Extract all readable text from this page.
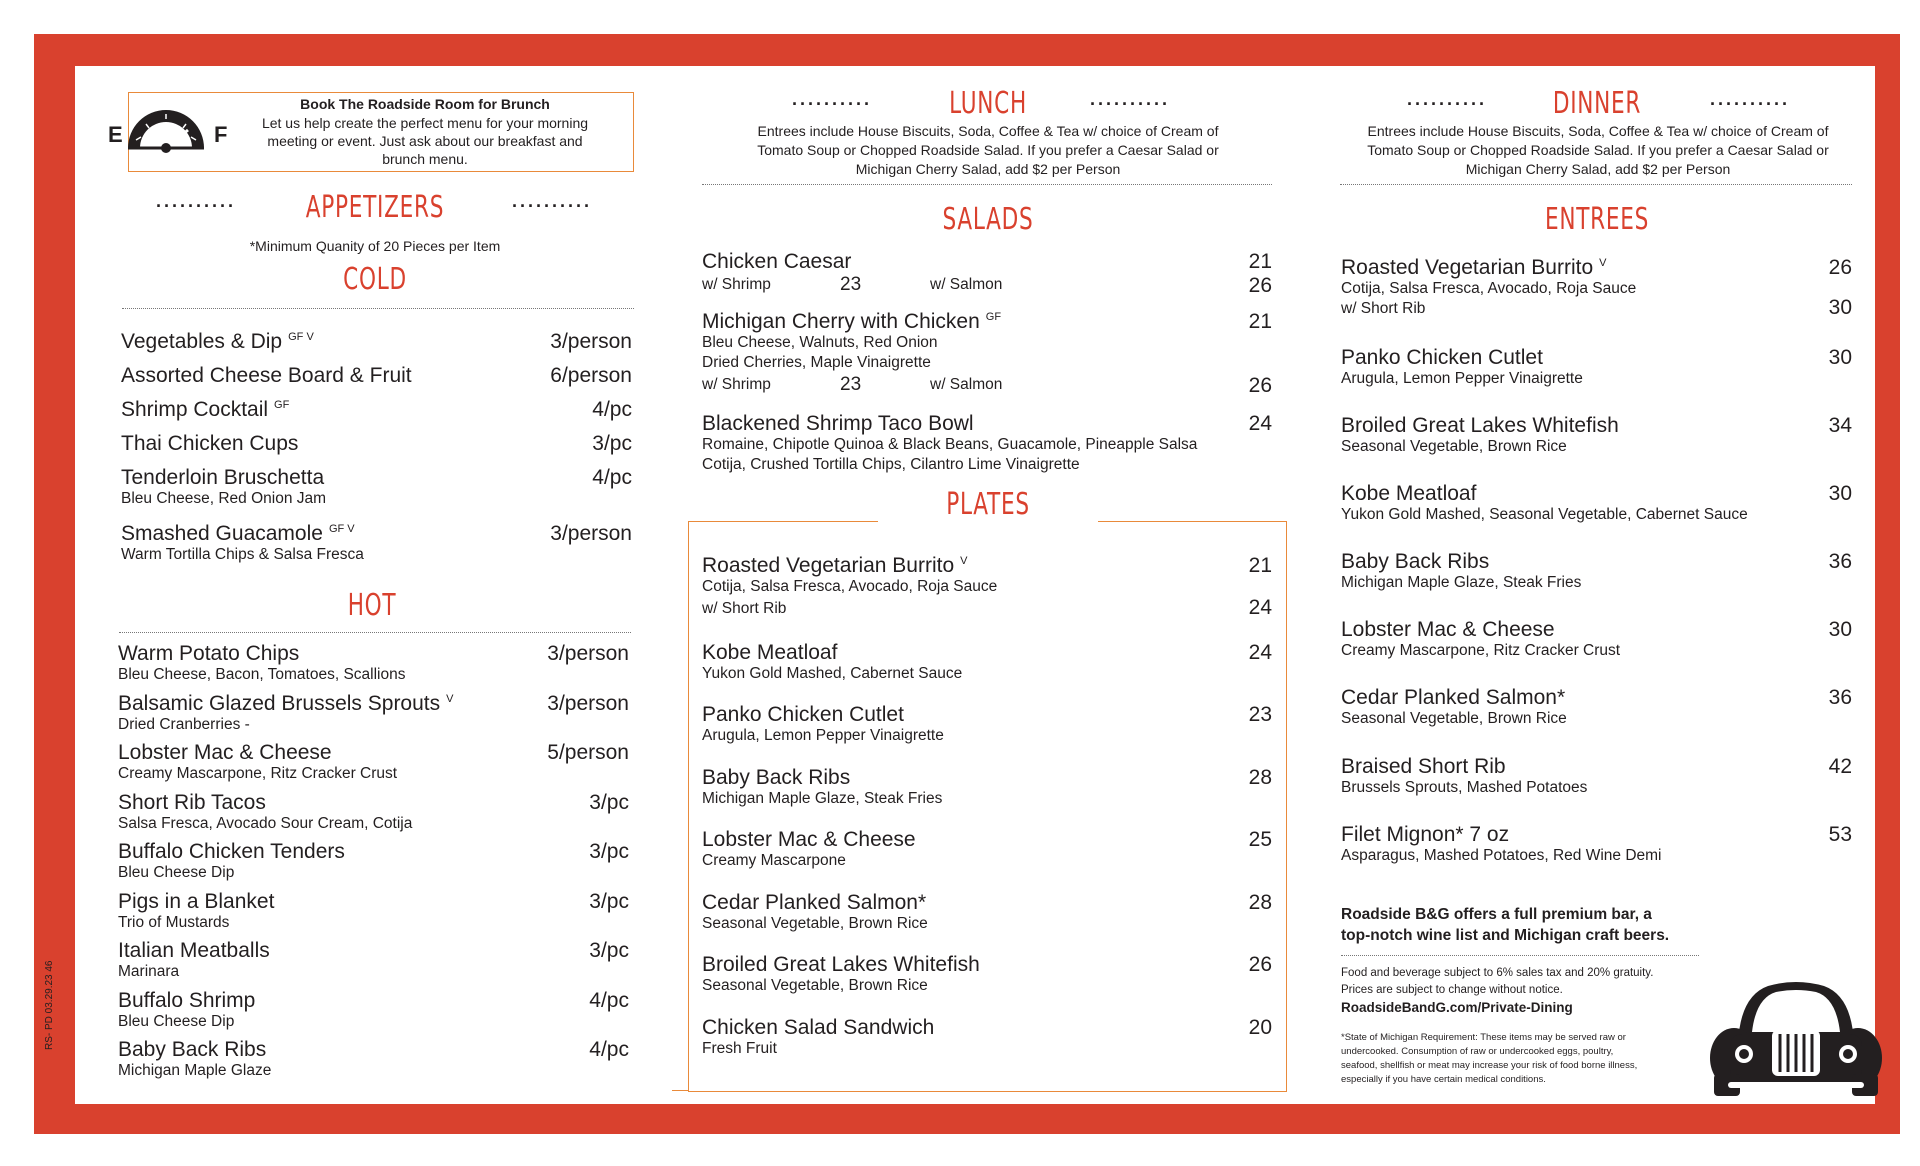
E	F
Book The Roadside Room for Brunch
Let us help create the perfect menu for your morning meeting or event. Just ask about our breakfast and brunch menu.
·········· APPETIZERS	··········
*Minimum Quanity of 20 Pieces per Item
COLD
HOT
RS- PD 03.29.23 46
··········	LUNCH	··········
Entrees include House Biscuits, Soda, Coffee & Tea w/ choice of Cream of Tomato Soup or Chopped Roadside Salad. If you prefer a Caesar Salad or Michigan Cherry Salad, add $2 per Person
SALADS
PLATES
··········	DINNER	··········
Entrees include House Biscuits, Soda, Coffee & Tea w/ choice of Cream of Tomato Soup or Chopped Roadside Salad. If you prefer a Caesar Salad or Michigan Cherry Salad, add $2 per Person
ENTREES
Roadside B&G offers a full premium bar, a
top-notch wine list and Michigan craft beers.
Food and beverage subject to 6% sales tax and 20% gratuity.
Prices are subject to change without notice.
RoadsideBandG.com/Private-Dining
*State of Michigan Requirement: These items may be served raw or
undercooked. Consumption of raw or undercooked eggs, poultry,
seafood, shellfish or meat may increase your risk of food borne illness,
especially if you have certain medical conditions.
Vegetables & Dip $^{GF V}$	3/person
Assorted Cheese Board & Fruit	6/person
Shrimp Cocktail $^{GF}$	4/pc
Thai Chicken Cups	3/pc
Tenderloin Bruschetta	4/pc
Bleu Cheese, Red Onion Jam
Smashed Guacamole $^{GF V}$	3/person
Warm Tortilla Chips & Salsa Fresca
Warm Potato Chips	3/person
Bleu Cheese, Bacon, Tomatoes, Scallions
Balsamic Glazed Brussels Sprouts $^V$	3/person
Dried Cranberries -
Lobster Mac & Cheese	5/person
Creamy Mascarpone, Ritz Cracker Crust
Short Rib Tacos	3/pc
Salsa Fresca, Avocado Sour Cream, Cotija
Buffalo Chicken Tenders	3/pc
Bleu Cheese Dip
Pigs in a Blanket	3/pc
Trio of Mustards
Italian Meatballs	3/pc
Marinara
Buffalo Shrimp	4/pc
Bleu Cheese Dip
Baby Back Ribs	4/pc
Michigan Maple Glaze
Chicken Caesar	21
w/ Shrimp	23	w/ Salmon	26
Michigan Cherry with Chicken $^{GF}$	21
Bleu Cheese, Walnuts, Red Onion
Dried Cherries, Maple Vinaigrette
w/ Shrimp	23	w/ Salmon	26
Blackened Shrimp Taco Bowl	24
Romaine, Chipotle Quinoa & Black Beans, Guacamole, Pineapple Salsa
Cotija, Crushed Tortilla Chips, Cilantro Lime Vinaigrette
Roasted Vegetarian Burrito $^V$	21
Cotija, Salsa Fresca, Avocado, Roja Sauce
w/ Short Rib	24
Kobe Meatloaf	24
Yukon Gold Mashed, Cabernet Sauce
Panko Chicken Cutlet	23
Arugula, Lemon Pepper Vinaigrette
Baby Back Ribs	28
Michigan Maple Glaze, Steak Fries
Lobster Mac & Cheese	25
Creamy Mascarpone
Cedar Planked Salmon*	28
Seasonal Vegetable, Brown Rice
Broiled Great Lakes Whitefish	26
Seasonal Vegetable, Brown Rice
Chicken Salad Sandwich	20
Fresh Fruit
Roasted Vegetarian Burrito $^V$	26
Cotija, Salsa Fresca, Avocado, Roja Sauce
w/ Short Rib	30
Panko Chicken Cutlet	30
Arugula, Lemon Pepper Vinaigrette
Broiled Great Lakes Whitefish	34
Seasonal Vegetable, Brown Rice
Kobe Meatloaf	30
Yukon Gold Mashed, Seasonal Vegetable, Cabernet Sauce
Baby Back Ribs	36
Michigan Maple Glaze, Steak Fries
Lobster Mac & Cheese	30
Creamy Mascarpone, Ritz Cracker Crust
Cedar Planked Salmon*	36
Seasonal Vegetable, Brown Rice
Braised Short Rib	42
Brussels Sprouts, Mashed Potatoes
Filet Mignon* 7 oz	53
Asparagus, Mashed Potatoes, Red Wine Demi
